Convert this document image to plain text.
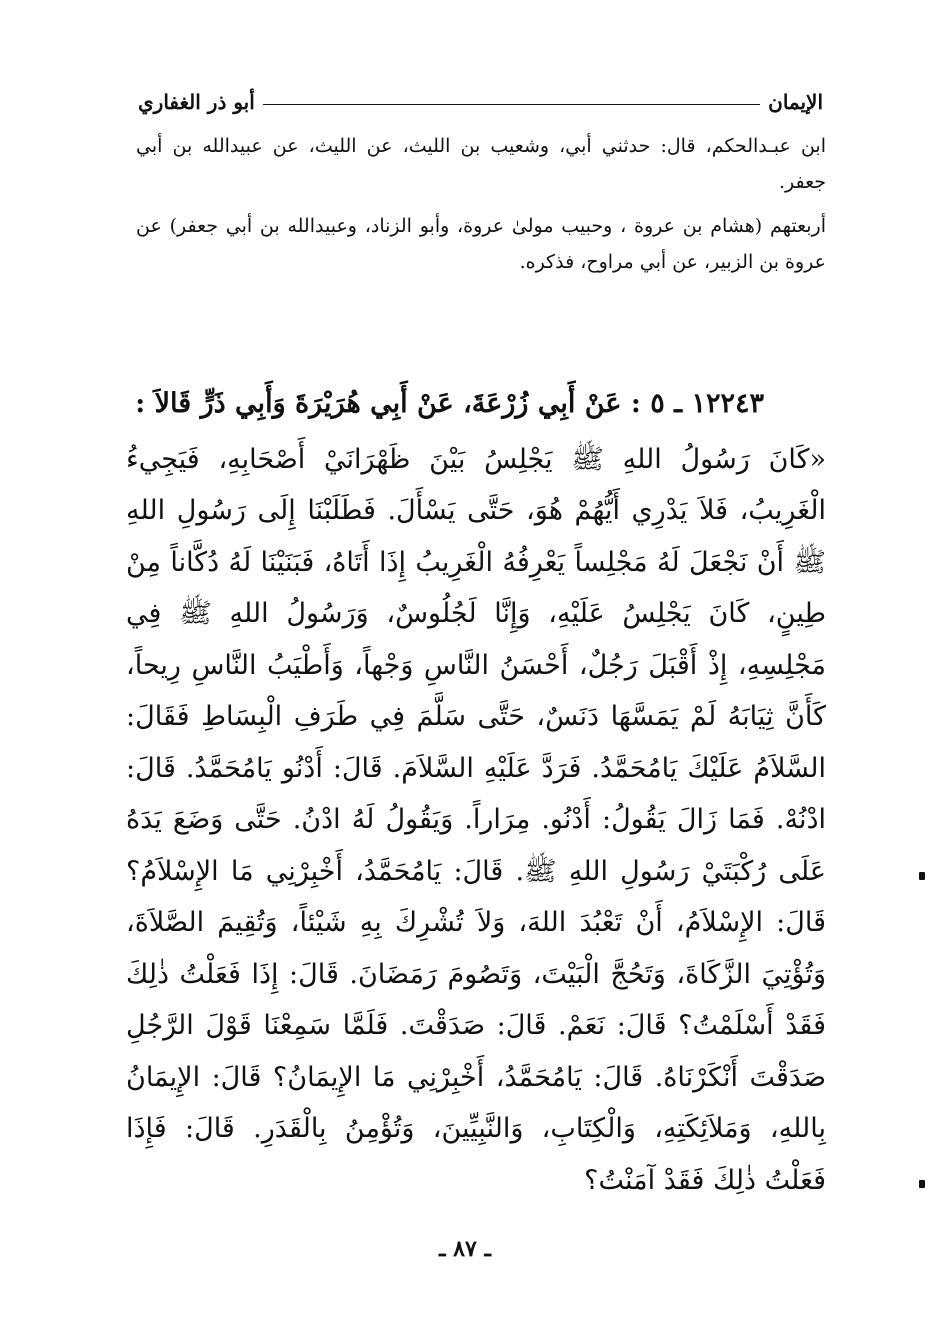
الإيمان
أبو ذر الغفاري

ابن عبـدالحكم، قال: حدثني أبي، وشعيب بن الليث، عن الليث، عن عبيدالله بن أبي جعفر.

أربعتهم (هشام بن عروة ، وحبيب مولىٰ عروة، وأبو الزناد، وعبيدالله بن أبي جعفر) عن عروة بن الزبير، عن أبي مراوح، فذكره.

١٢٢٤٣ ـ ٥ : عَنْ أَبِي زُرْعَةَ، عَنْ أَبِي هُرَيْرَةَ وَأَبِي ذَرٍّ قَالاَ :

«كَانَ رَسُولُ اللهِ ﷺ يَجْلِسُ بَيْنَ ظَهْرَانَيْ أَصْحَابِهِ، فَيَجِيءُ الْغَرِيبُ، فَلاَ يَدْرِي أَيُّهُمْ هُوَ، حَتَّى يَسْأَلَ. فَطَلَبْنَا إِلَى رَسُولِ اللهِ ﷺ أَنْ نَجْعَلَ لَهُ مَجْلِساً يَعْرِفُهُ الْغَرِيبُ إِذَا أَتَاهُ، فَبَنَيْنَا لَهُ دُكَّاناً مِنْ طِينٍ، كَانَ يَجْلِسُ عَلَيْهِ، وَإِنَّا لَجُلُوسٌ، وَرَسُولُ اللهِ ﷺ فِي مَجْلِسِهِ، إِذْ أَقْبَلَ رَجُلٌ، أَحْسَنُ النَّاسِ وَجْهاً، وَأَطْيَبُ النَّاسِ رِيحاً، كَأَنَّ ثِيَابَهُ لَمْ يَمَسَّهَا دَنَسٌ، حَتَّى سَلَّمَ فِي طَرَفِ الْبِسَاطِ فَقَالَ: السَّلاَمُ عَلَيْكَ يَامُحَمَّدُ. فَرَدَّ عَلَيْهِ السَّلاَمَ. قَالَ: أَدْنُو يَامُحَمَّدُ. قَالَ: ادْنُهْ. فَمَا زَالَ يَقُولُ: أَدْنُو. مِرَاراً. وَيَقُولُ لَهُ ادْنُ. حَتَّى وَضَعَ يَدَهُ عَلَى رُكْبَتَيْ رَسُولِ اللهِ ﷺ. قَالَ: يَامُحَمَّدُ، أَخْبِرْنِي مَا الإِسْلاَمُ؟ قَالَ: الإِسْلاَمُ، أَنْ تَعْبُدَ اللهَ، وَلاَ تُشْرِكَ بِهِ شَيْئاً، وَتُقِيمَ الصَّلاَةَ، وَتُؤْتِيَ الزَّكَاةَ، وَتَحُجَّ الْبَيْتَ، وَتَصُومَ رَمَضَانَ. قَالَ: إِذَا فَعَلْتُ ذٰلِكَ فَقَدْ أَسْلَمْتُ؟ قَالَ: نَعَمْ. قَالَ: صَدَقْتَ. فَلَمَّا سَمِعْنَا قَوْلَ الرَّجُلِ صَدَقْتَ أَنْكَرْنَاهُ. قَالَ: يَامُحَمَّدُ، أَخْبِرْنِي مَا الإِيمَانُ؟ قَالَ: الإِيمَانُ بِاللهِ، وَمَلاَئِكَتِهِ، وَالْكِتَابِ، وَالنَّبِيِّينَ، وَتُؤْمِنُ بِالْقَدَرِ. قَالَ: فَإِذَا فَعَلْتُ ذٰلِكَ فَقَدْ آمَنْتُ؟

ـ ٨٧ ـ
